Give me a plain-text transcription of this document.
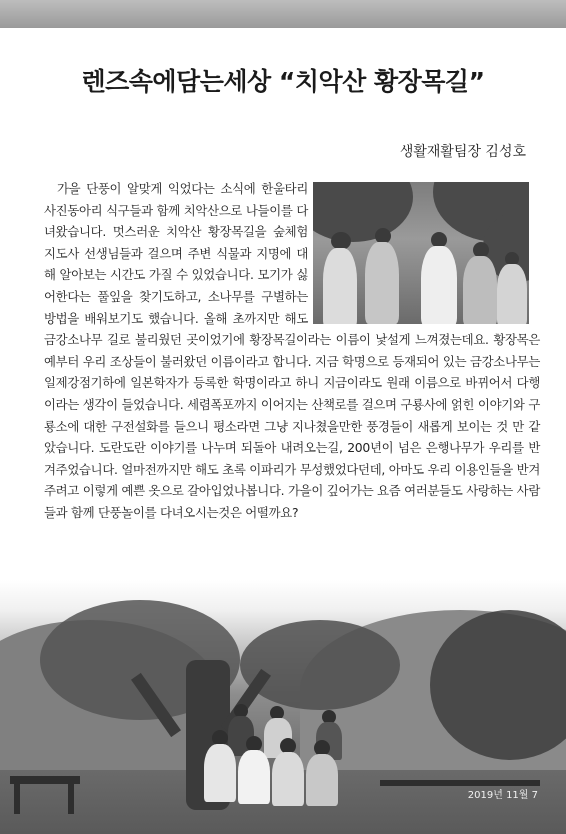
렌즈속에담는세상 “치악산 황장목길”
생활재활팀장 김성호

가을 단풍이 알맞게 익었다는 소식에 한울타리 사진동아리 식구들과 함께 치악산으로 나들이를 다녀왔습니다. 멋스러운 치악산 황장목길을 숲체험 지도사 선생님들과 걸으며 주변 식물과 지명에 대해 알아보는 시간도 가질 수 있었습니다. 모기가 싫어한다는 풀잎을 찾기도하고, 소나무를 구별하는 방법을 배워보기도 했습니다. 올해 초까지만 해도 금강소나무 길로 불리웠던 곳이었기에 황장목길이라는 이름이 낯설게 느껴졌는데요. 황장목은 예부터 우리 조상들이 불러왔던 이름이라고 합니다. 지금 학명으로 등재되어 있는 금강소나무는 일제강점기하에 일본학자가 등록한 학명이라고 하니 지금이라도 원래 이름으로 바뀌어서 다행이라는 생각이 들었습니다. 세렴폭포까지 이어지는 산책로를 걸으며 구룡사에 얽힌 이야기와 구룡소에 대한 구전설화를 들으니 평소라면 그냥 지나쳤을만한 풍경들이 새롭게 보이는 것 만 같았습니다. 도란도란 이야기를 나누며 되돌아 내려오는길, 200년이 넘은 은행나무가 우리를 반겨주었습니다. 얼마전까지만 해도 초록 이파리가 무성했었다던데, 아마도 우리 이용인들을 반겨주려고 이렇게 예쁜 옷으로 갈아입었나봅니다. 가을이 깊어가는 요즘 여러분들도 사랑하는 사람들과 함께 단풍놀이를 다녀오시는것은 어떨까요?

2019년 11월 7
